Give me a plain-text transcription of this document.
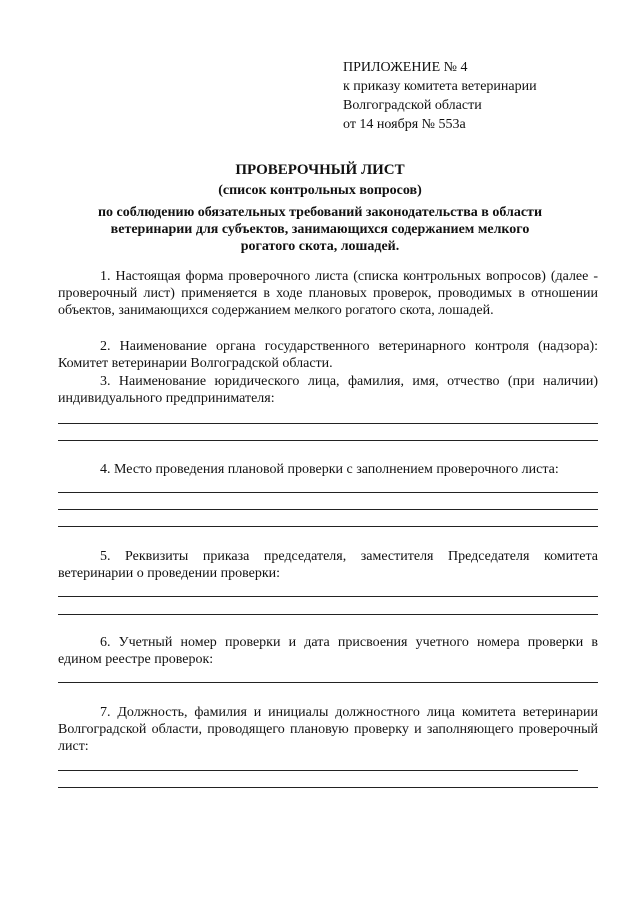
ПРИЛОЖЕНИЕ № 4
к приказу комитета ветеринарии
Волгоградской области
от 14 ноября № 553а
ПРОВЕРОЧНЫЙ ЛИСТ
(список контрольных вопросов)
по соблюдению обязательных требований законодательства в области
ветеринарии для субъектов, занимающихся содержанием мелкого
рогатого скота, лошадей.

1. Настоящая форма проверочного листа (списка контрольных вопросов) (далее - проверочный лист) применяется в ходе плановых проверок, проводимых в отношении объектов, занимающихся содержанием мелкого рогатого скота, лошадей.

2. Наименование органа государственного ветеринарного контроля (надзора): Комитет ветеринарии Волгоградской области.

3. Наименование юридического лица, фамилия, имя, отчество (при наличии) индивидуального предпринимателя:

4. Место проведения плановой проверки с заполнением проверочного листа:

5. Реквизиты приказа председателя, заместителя Председателя комитета ветеринарии о проведении проверки:

6. Учетный номер проверки и дата присвоения учетного номера проверки в едином реестре проверок:

7. Должность, фамилия и инициалы должностного лица комитета ветеринарии Волгоградской области, проводящего плановую проверку и заполняющего проверочный лист:
